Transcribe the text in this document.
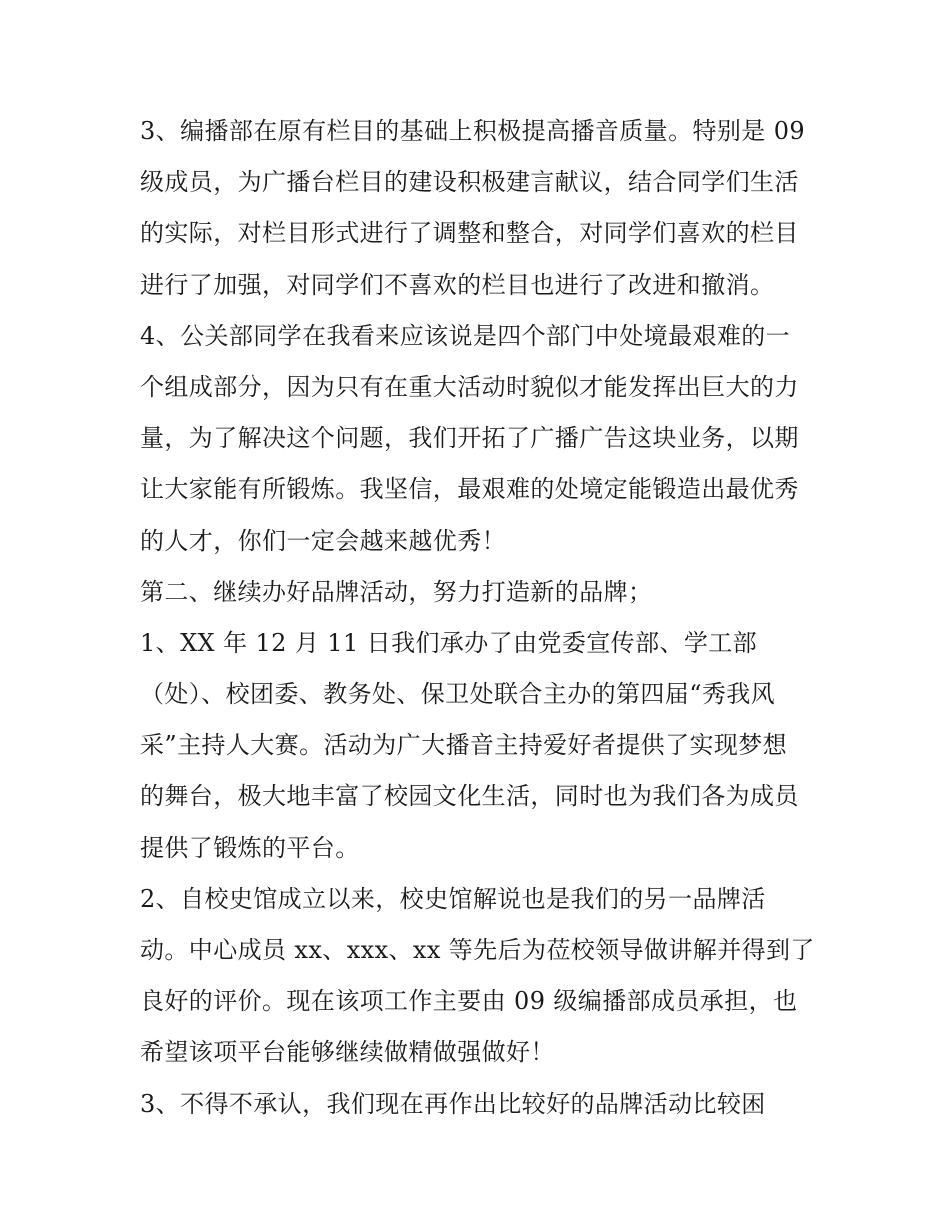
3、编播部在原有栏目的基础上积极提高播音质量。特别是 09
级成员，为广播台栏目的建设积极建言献议，结合同学们生活
的实际，对栏目形式进行了调整和整合，对同学们喜欢的栏目
进行了加强，对同学们不喜欢的栏目也进行了改进和撤消。

4、公关部同学在我看来应该说是四个部门中处境最艰难的一
个组成部分，因为只有在重大活动时貌似才能发挥出巨大的力
量，为了解决这个问题，我们开拓了广播广告这块业务，以期
让大家能有所锻炼。我坚信，最艰难的处境定能锻造出最优秀
的人才，你们一定会越来越优秀！

第二、继续办好品牌活动，努力打造新的品牌；

1、XX 年 12 月 11 日我们承办了由党委宣传部、学工部
（处）、校团委、教务处、保卫处联合主办的第四届“秀我风
采”主持人大赛。活动为广大播音主持爱好者提供了实现梦想
的舞台，极大地丰富了校园文化生活，同时也为我们各为成员
提供了锻炼的平台。

2、自校史馆成立以来，校史馆解说也是我们的另一品牌活
动。中心成员 xx、xxx、xx 等先后为莅校领导做讲解并得到了
良好的评价。现在该项工作主要由 09 级编播部成员承担，也
希望该项平台能够继续做精做强做好！

3、不得不承认，我们现在再作出比较好的品牌活动比较困
